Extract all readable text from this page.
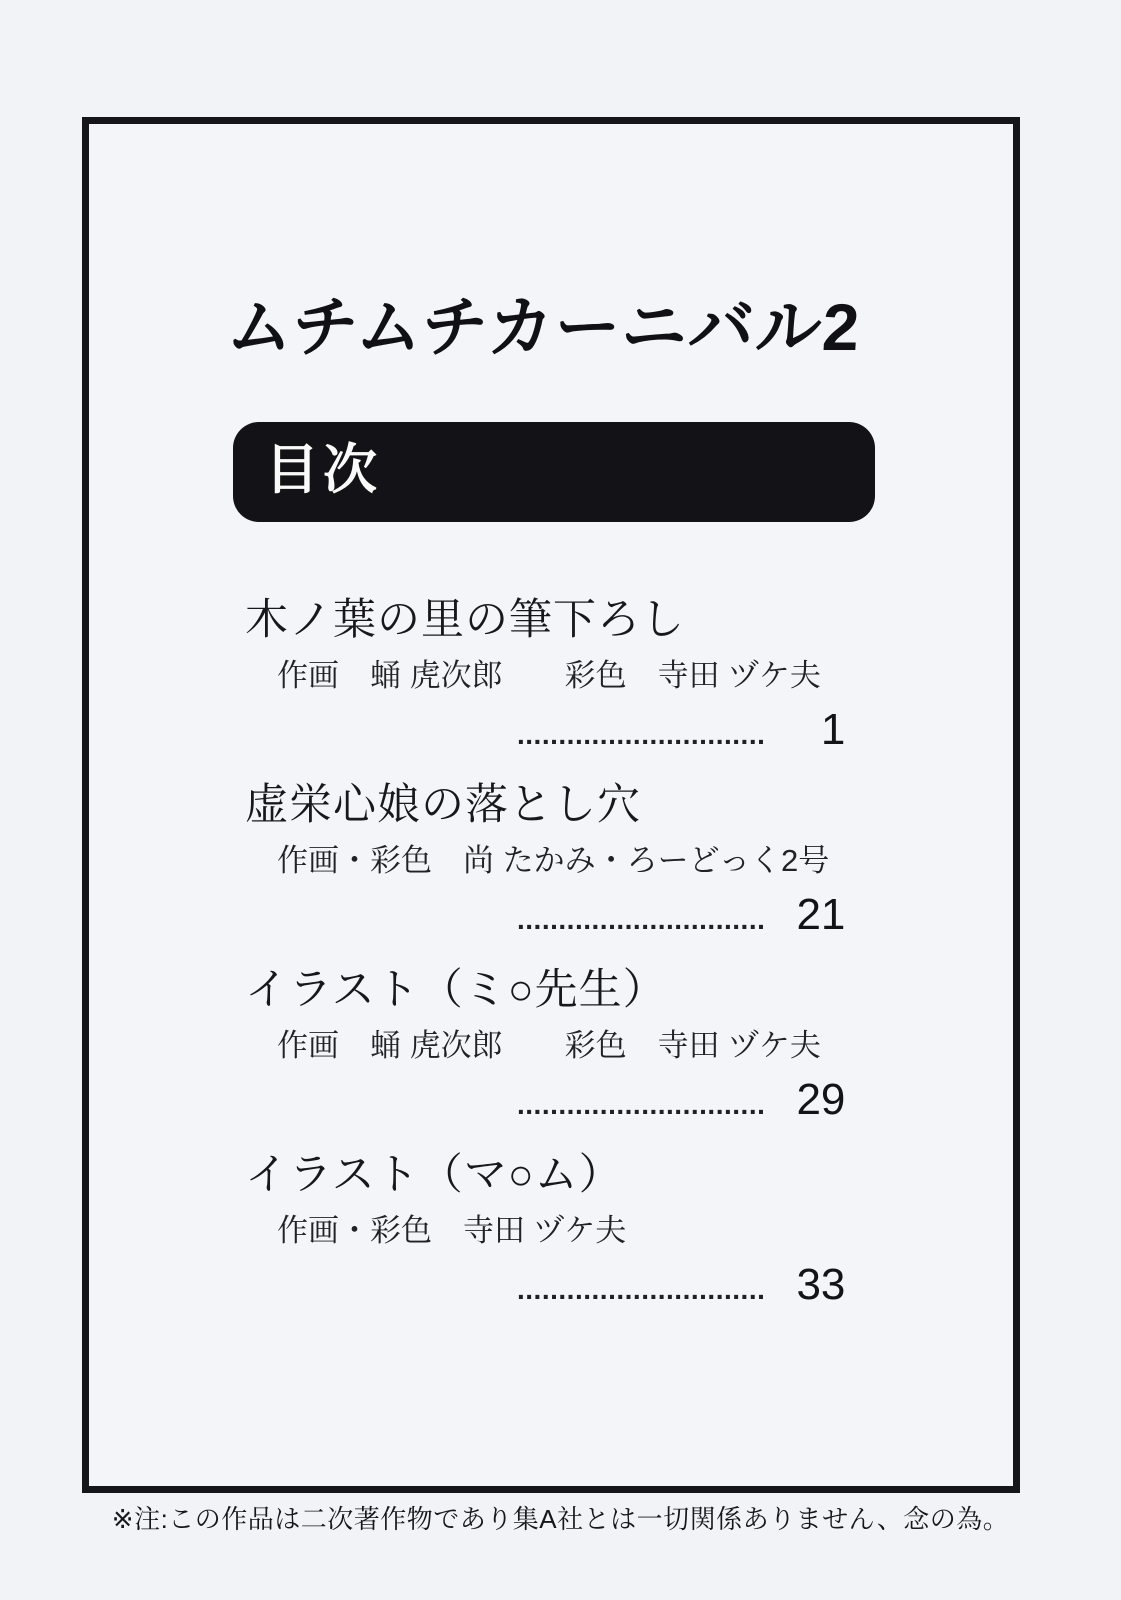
ムチムチカーニバル2
目次
木ノ葉の里の筆下ろし
作画　蛹 虎次郎　　彩色　寺田 ヅケ夫
..............................	1
虚栄心娘の落とし穴
作画・彩色　尚 たかみ・ろーどっく2号
.............................. 21
イラスト（ミ○先生）
作画　蛹 虎次郎　　彩色　寺田 ヅケ夫
.............................. 29
イラスト（マ○ム）
作画・彩色　寺田 ヅケ夫
.............................. 33
※注:この作品は二次著作物であり集A社とは一切関係ありません、念の為。
